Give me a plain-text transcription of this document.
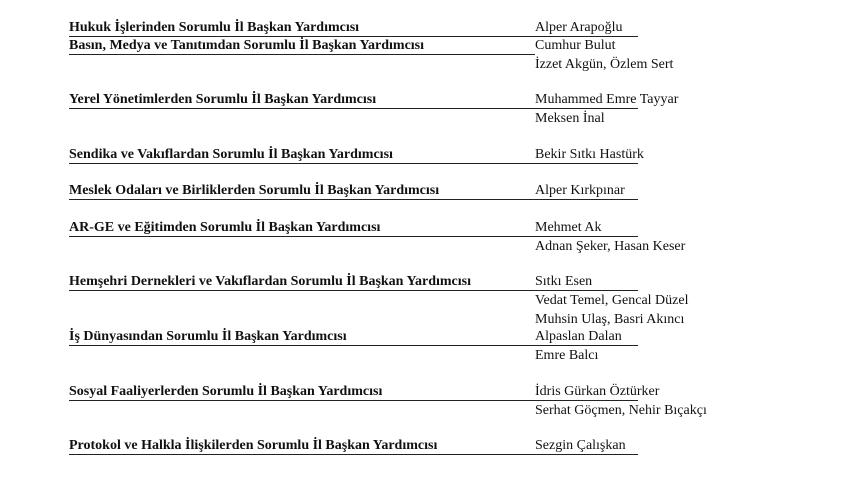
Hukuk İşlerinden Sorumlu İl Başkan Yardımcısı	Alper Arapoğlu
Basın, Medya ve Tanıtımdan Sorumlu İl Başkan Yardımcısı	Cumhur Bulut
İzzet Akgün, Özlem Sert
Yerel Yönetimlerden Sorumlu İl Başkan Yardımcısı	Muhammed Emre Tayyar
Meksen İnal
Sendika ve Vakıflardan Sorumlu İl Başkan Yardımcısı	Bekir Sıtkı Hastürk
Meslek Odaları ve Birliklerden Sorumlu İl Başkan Yardımcısı	Alper Kırkpınar
AR-GE ve Eğitimden Sorumlu İl Başkan Yardımcısı	Mehmet Ak
Adnan Şeker, Hasan Keser
Hemşehri Dernekleri ve Vakıflardan Sorumlu İl Başkan Yardımcısı	Sıtkı Esen
Vedat Temel, Gencal Düzel
Muhsin Ulaş, Basri Akıncı
İş Dünyasından Sorumlu İl Başkan Yardımcısı	Alpaslan Dalan
Emre Balcı
Sosyal Faaliyerlerden Sorumlu İl Başkan Yardımcısı	İdris Gürkan Öztürker
Serhat Göçmen, Nehir Bıçakçı
Protokol ve Halkla İlişkilerden Sorumlu İl Başkan Yardımcısı	Sezgin Çalışkan
